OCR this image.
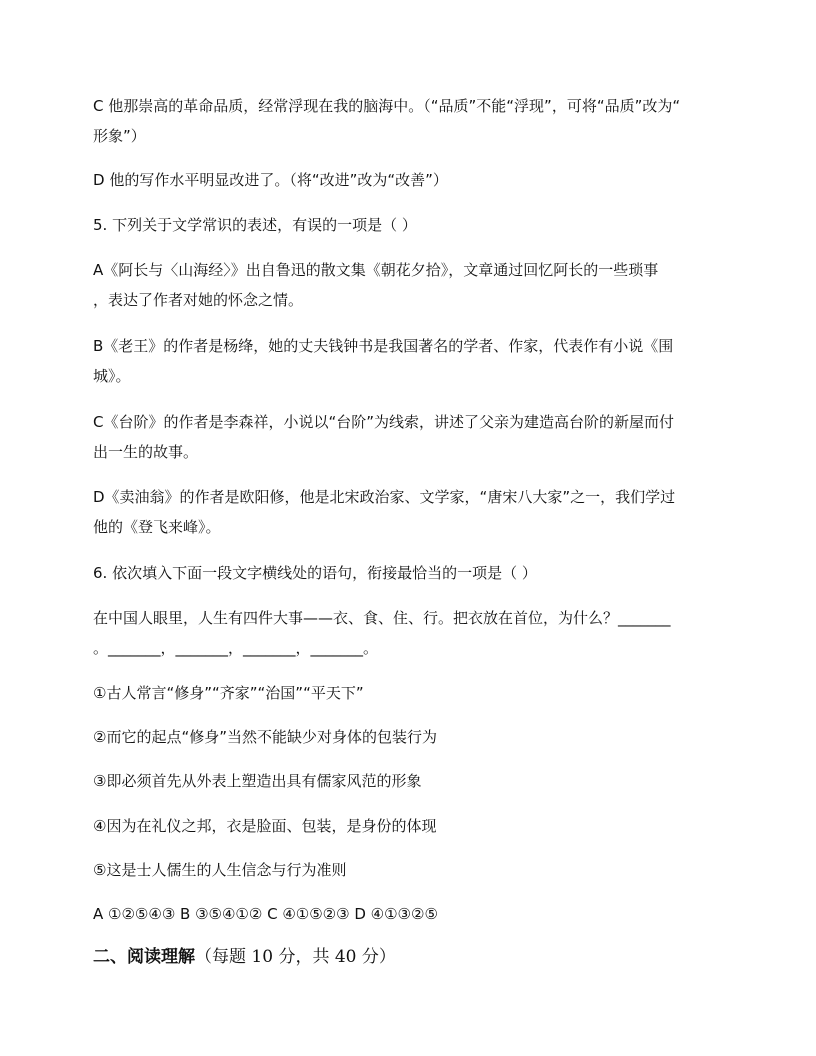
C 他那崇高的革命品质，经常浮现在我的脑海中。（“品质”不能“浮现”，可将“品质”改为“
形象”）
D 他的写作水平明显改进了。（将“改进”改为“改善”）
5. 下列关于文学常识的表述，有误的一项是（ ）
A《阿长与〈山海经〉》出自鲁迅的散文集《朝花夕拾》，文章通过回忆阿长的一些琐事
，表达了作者对她的怀念之情。
B《老王》的作者是杨绛，她的丈夫钱钟书是我国著名的学者、作家，代表作有小说《围
城》。
C《台阶》的作者是李森祥，小说以“台阶”为线索，讲述了父亲为建造高台阶的新屋而付
出一生的故事。
D《卖油翁》的作者是欧阳修，他是北宋政治家、文学家，“唐宋八大家”之一，我们学过
他的《登飞来峰》。
6. 依次填入下面一段文字横线处的语句，衔接最恰当的一项是（ ）
在中国人眼里，人生有四件大事——衣、食、住、行。把衣放在首位，为什么？_______
。_______，_______，_______，_______。
①古人常言“修身”“齐家”“治国”“平天下”
②而它的起点“修身”当然不能缺少对身体的包装行为
③即必须首先从外表上塑造出具有儒家风范的形象
④因为在礼仪之邦，衣是脸面、包装，是身份的体现
⑤这是士人儒生的人生信念与行为准则
A ①②⑤④③ B ③⑤④①② C ④①⑤②③ D ④①③②⑤
二、阅读理解（每题 10 分，共 40 分）
